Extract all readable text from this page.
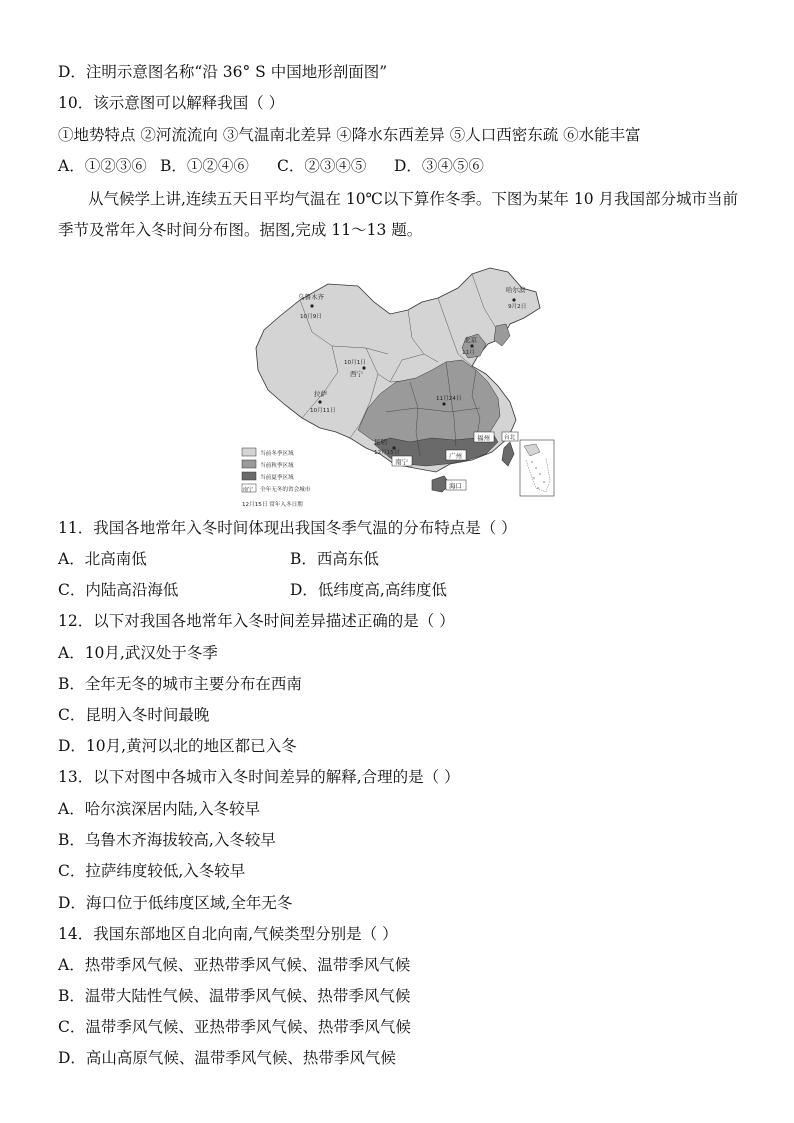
D．注明示意图名称“沿 36° S 中国地形剖面图”
10．该示意图可以解释我国（ ）
①地势特点 ②河流流向 ③气温南北差异 ④降水东西差异 ⑤人口西密东疏 ⑥水能丰富
A．①②③⑥ B．①②④⑥	C．②③④⑤	D．③④⑤⑥
从气候学上讲,连续五天日平均气温在 10℃以下算作冬季。下图为某年 10 月我国部分城市当前
季节及常年入冬时间分布图。据图,完成 11～13 题。
乌鲁木齐
10月9日
哈尔滨
9月2日
北京
11月
10月1日
西宁
拉萨
10月11日
11月24日
昆明
12月15日
南宁
广州
福州	台北
海口
当前冬季区域
当前秋季区域
当前夏季区域
南宁 全年无冬的省会城市
12月15日 常年入冬日期
11．我国各地常年入冬时间体现出我国冬季气温的分布特点是（ ）
A．北高南低	B．西高东低
C．内陆高沿海低	D．低纬度高,高纬度低
12．以下对我国各地常年入冬时间差异描述正确的是（ ）
A．10月,武汉处于冬季
B．全年无冬的城市主要分布在西南
C．昆明入冬时间最晚
D．10月,黄河以北的地区都已入冬
13．以下对图中各城市入冬时间差异的解释,合理的是（ ）
A．哈尔滨深居内陆,入冬较早
B．乌鲁木齐海拔较高,入冬较早
C．拉萨纬度较低,入冬较早
D．海口位于低纬度区域,全年无冬
14．我国东部地区自北向南,气候类型分别是（ ）
A．热带季风气候、亚热带季风气候、温带季风气候
B．温带大陆性气候、温带季风气候、热带季风气候
C．温带季风气候、亚热带季风气候、热带季风气候
D．高山高原气候、温带季风气候、热带季风气候
